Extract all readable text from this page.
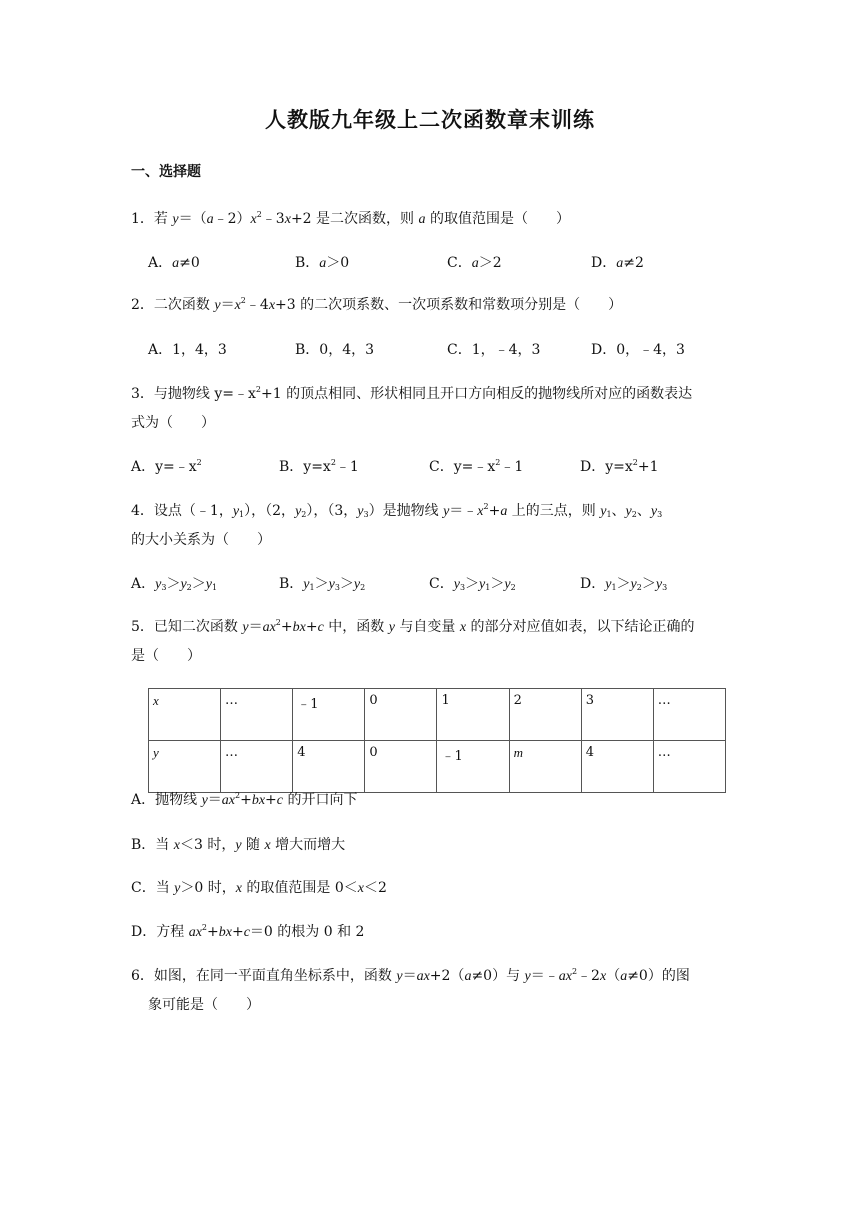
人教版九年级上二次函数章末训练
一、选择题
1．若 $y=(a﹣2)x^2﹣3x+2$ 是二次函数，则 a 的取值范围是（　　）
A．a≠0	B．a＞0	C．a＞2	D．a≠2
2．二次函数 $y=x^2﹣4x+3$ 的二次项系数、一次项系数和常数项分别是（　　）
A．1，4，3	B．0，4，3	C．1，﹣4，3	D．0，﹣4，3
3．与抛物线 $y=﹣x^2+1$ 的顶点相同、形状相同且开口方向相反的抛物线所对应的函数表达
式为（　　）
A．$y=﹣x^2$	B．$y=x^2﹣1$	C．$y=﹣x^2﹣1$	D．$y=x^2+1$
4．设点（﹣1，$y_1$），（2，$y_2$），（3，$y_3$）是抛物线 $y=﹣x^2+a$ 上的三点，则 $y_1$、$y_2$、$y_3$
的大小关系为（　　）
A．$y_3>y_2>y_1$	B．$y_1>y_3>y_2$	C．$y_3>y_1>y_2$	D．$y_1>y_2>y_3$
5．已知二次函数 $y=ax^2+bx+c$ 中，函数 y 与自变量 x 的部分对应值如表，以下结论正确的
是（　　）
x	…	﹣1	0	1	2	3	…
y	…	4	0	﹣1	m	4	…
A．抛物线 $y=ax^2+bx+c$ 的开口向下
B．当 x＜3 时，y 随 x 增大而增大
C．当 y＞0 时，x 的取值范围是 0＜x＜2
D．方程 $ax^2+bx+c=0$ 的根为 0 和 2
6．如图，在同一平面直角坐标系中，函数 y＝ax+2（a≠0）与 $y=﹣ax^2﹣2x(a\ne 0)$的图
象可能是（　　）
